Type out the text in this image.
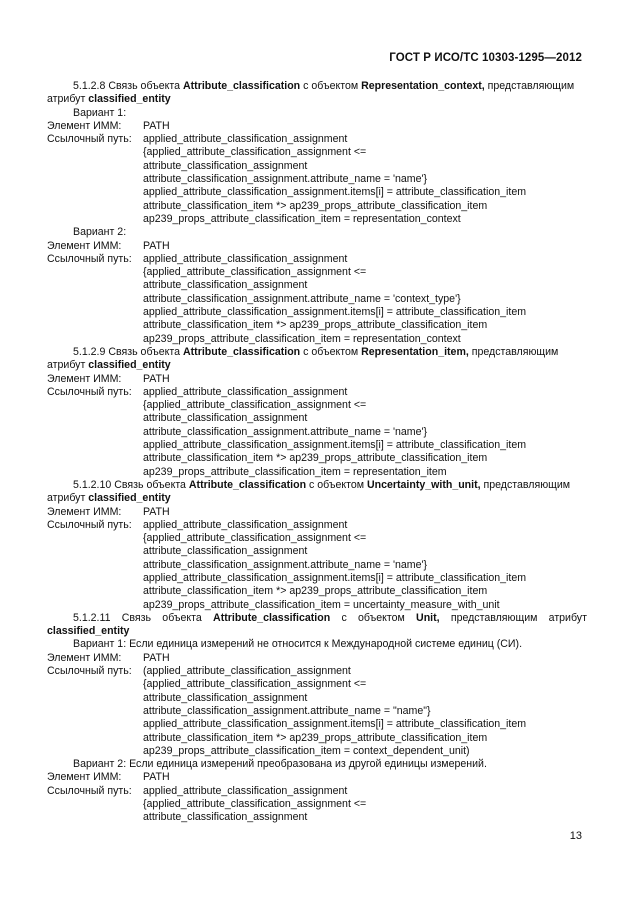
ГОСТ Р ИСО/ТС 10303-1295—2012
5.1.2.8 Связь объекта Attribute_classification с объектом Representation_context, представляющим
атрибут classified_entity
Вариант 1:
Элемент ИММ:	PATH
Ссылочный путь:	applied_attribute_classification_assignment
{applied_attribute_classification_assignment <=
attribute_classification_assignment
attribute_classification_assignment.attribute_name = 'name'}
applied_attribute_classification_assignment.items[i] = attribute_classification_item
attribute_classification_item *> ap239_props_attribute_classification_item
ap239_props_attribute_classification_item = representation_context
Вариант 2:
Элемент ИММ:	PATH
Ссылочный путь:	applied_attribute_classification_assignment
{applied_attribute_classification_assignment <=
attribute_classification_assignment
attribute_classification_assignment.attribute_name = 'context_type'}
applied_attribute_classification_assignment.items[i] = attribute_classification_item
attribute_classification_item *> ap239_props_attribute_classification_item
ap239_props_attribute_classification_item = representation_context
5.1.2.9 Связь объекта Attribute_classification с объектом Representation_item, представляющим
атрибут classified_entity
Элемент ИММ:	PATH
Ссылочный путь:	applied_attribute_classification_assignment
{applied_attribute_classification_assignment <=
attribute_classification_assignment
attribute_classification_assignment.attribute_name = 'name'}
applied_attribute_classification_assignment.items[i] = attribute_classification_item
attribute_classification_item *> ap239_props_attribute_classification_item
ap239_props_attribute_classification_item = representation_item
5.1.2.10 Связь объекта Attribute_classification с объектом Uncertainty_with_unit, представляющим
атрибут classified_entity
Элемент ИММ:	PATH
Ссылочный путь:	applied_attribute_classification_assignment
{applied_attribute_classification_assignment <=
attribute_classification_assignment
attribute_classification_assignment.attribute_name = 'name'}
applied_attribute_classification_assignment.items[i] = attribute_classification_item
attribute_classification_item *> ap239_props_attribute_classification_item
ap239_props_attribute_classification_item = uncertainty_measure_with_unit
5.1.2.11 Связь объекта Attribute_classification с объектом Unit, представляющим атрибут
classified_entity
Вариант 1: Если единица измерений не относится к Международной системе единиц (СИ).
Элемент ИММ:	PATH
Ссылочный путь:	(applied_attribute_classification_assignment
{applied_attribute_classification_assignment <=
attribute_classification_assignment
attribute_classification_assignment.attribute_name = "name"}
applied_attribute_classification_assignment.items[i] = attribute_classification_item
attribute_classification_item *> ap239_props_attribute_classification_item
ap239_props_attribute_classification_item = context_dependent_unit)
Вариант 2: Если единица измерений преобразована из другой единицы измерений.
Элемент ИММ:	PATH
Ссылочный путь:	applied_attribute_classification_assignment
{applied_attribute_classification_assignment <=
attribute_classification_assignment
13
